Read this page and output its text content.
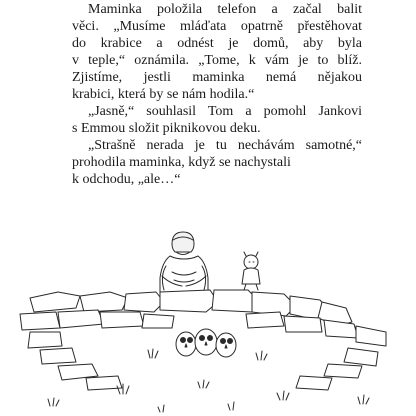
Maminka položila telefon a začal balit
věci. „Musíme mláďata opatrně přestěhovat
do krabice a odnést je domů, aby byla
v teple,“ oznámila. „Tome, k vám je to blíž.
Zjistíme, jestli maminka nemá nějakou
krabici, která by se nám hodila.“
„Jasně,“ souhlasil Tom a pomohl Jankovi
s Emmou složit piknikovou deku.
„Strašně nerada je tu nechávám samotné,“
prohodila maminka, když se nachystali
k odchodu, „ale…“
